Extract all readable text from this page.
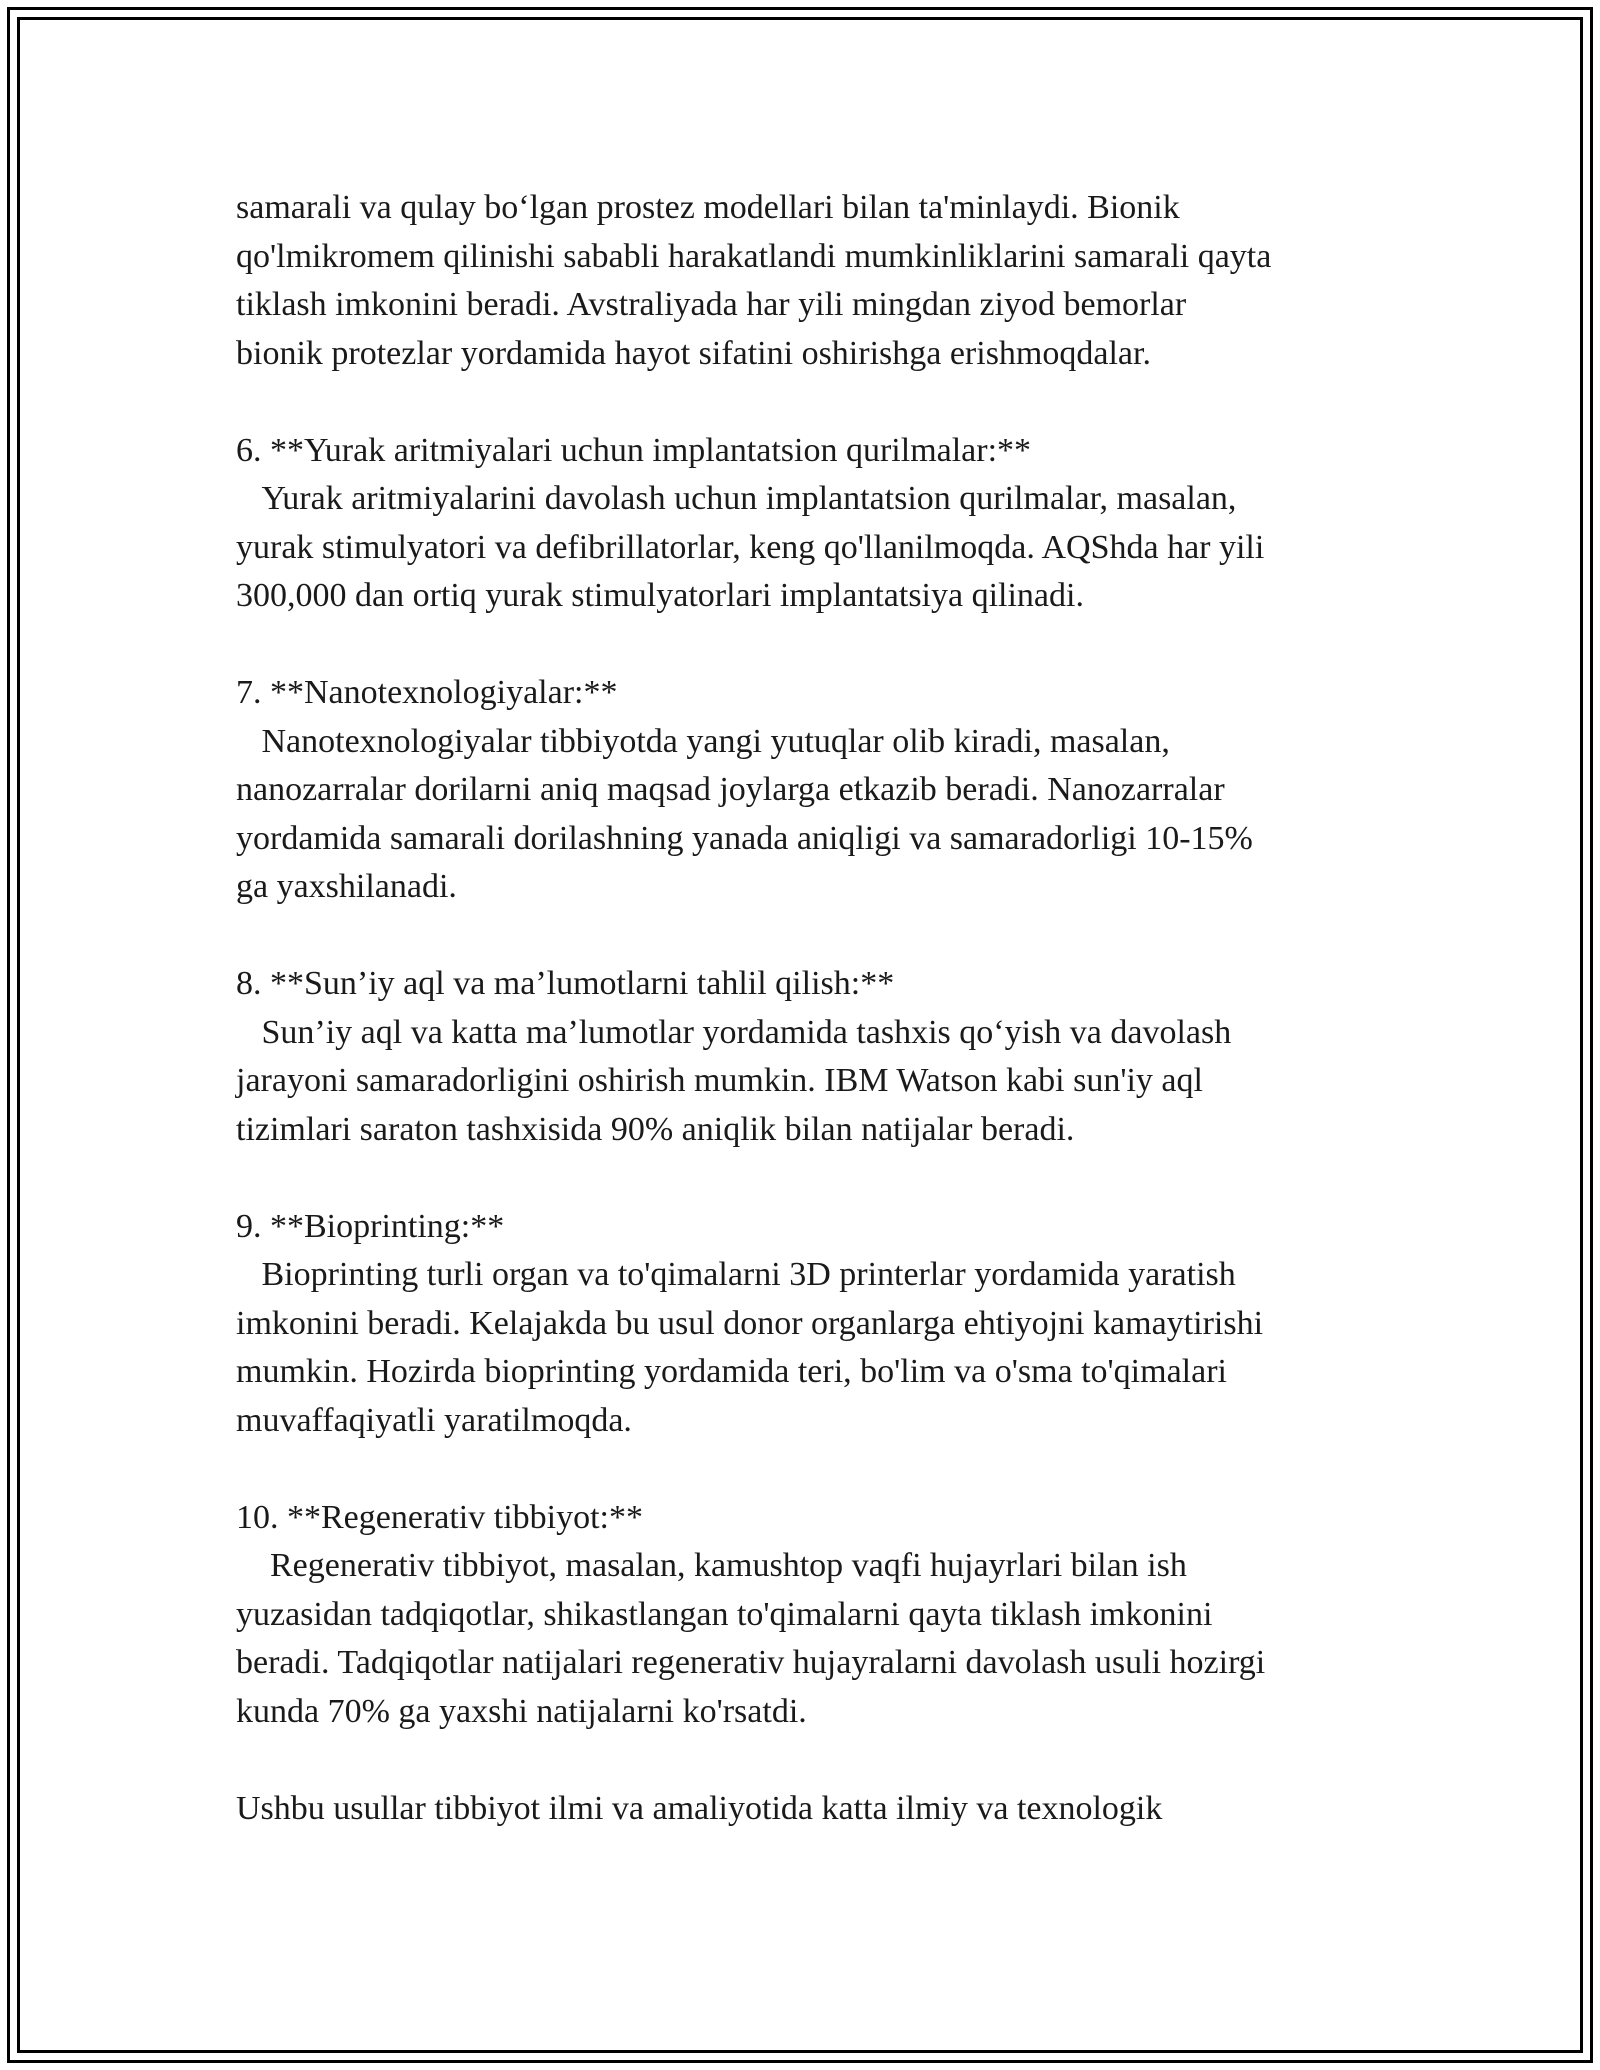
samarali va qulay bo‘lgan prostez modellari bilan ta'minlaydi. Bionik

qo'lmikromem qilinishi sababli harakatlandi mumkinliklarini samarali qayta

tiklash imkonini beradi. Avstraliyada har yili mingdan ziyod bemorlar

bionik protezlar yordamida hayot sifatini oshirishga erishmoqdalar.

6. **Yurak aritmiyalari uchun implantatsion qurilmalar:**

Yurak aritmiyalarini davolash uchun implantatsion qurilmalar, masalan,

yurak stimulyatori va defibrillatorlar, keng qo'llanilmoqda. AQShda har yili

300,000 dan ortiq yurak stimulyatorlari implantatsiya qilinadi.

7. **Nanotexnologiyalar:**

Nanotexnologiyalar tibbiyotda yangi yutuqlar olib kiradi, masalan,

nanozarralar dorilarni aniq maqsad joylarga etkazib beradi. Nanozarralar

yordamida samarali dorilashning yanada aniqligi va samaradorligi 10-15%

ga yaxshilanadi.

8. **Sun’iy aql va ma’lumotlarni tahlil qilish:**

Sun’iy aql va katta ma’lumotlar yordamida tashxis qo‘yish va davolash

jarayoni samaradorligini oshirish mumkin. IBM Watson kabi sun'iy aql

tizimlari saraton tashxisida 90% aniqlik bilan natijalar beradi.

9. **Bioprinting:**

Bioprinting turli organ va to'qimalarni 3D printerlar yordamida yaratish

imkonini beradi. Kelajakda bu usul donor organlarga ehtiyojni kamaytirishi

mumkin. Hozirda bioprinting yordamida teri, bo'lim va o'sma to'qimalari

muvaffaqiyatli yaratilmoqda.

10. **Regenerativ tibbiyot:**

Regenerativ tibbiyot, masalan, kamushtop vaqfi hujayrlari bilan ish

yuzasidan tadqiqotlar, shikastlangan to'qimalarni qayta tiklash imkonini

beradi. Tadqiqotlar natijalari regenerativ hujayralarni davolash usuli hozirgi

kunda 70% ga yaxshi natijalarni ko'rsatdi.

Ushbu usullar tibbiyot ilmi va amaliyotida katta ilmiy va texnologik
